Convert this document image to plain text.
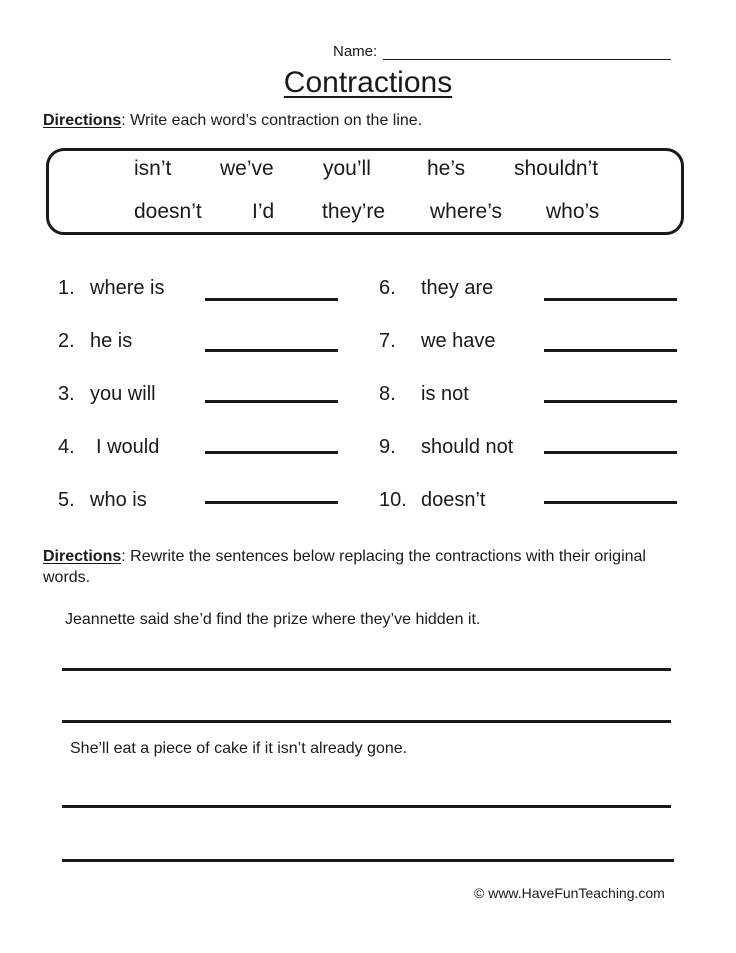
Name:
Contractions
Directions: Write each word’s contraction on the line.
isn’t we’ve you’ll	he’s shouldn’t
doesn’t I’d they’re where’s who’s
1. where is
2. he is
3. you will
4. I would
5. who is
6. they are
7. we have
8. is not
9. should not
10. doesn’t
Directions: Rewrite the sentences below replacing the contractions with their original words.
Jeannette said she’d find the prize where they’ve hidden it.
She’ll eat a piece of cake if it isn’t already gone.
© www.HaveFunTeaching.com
